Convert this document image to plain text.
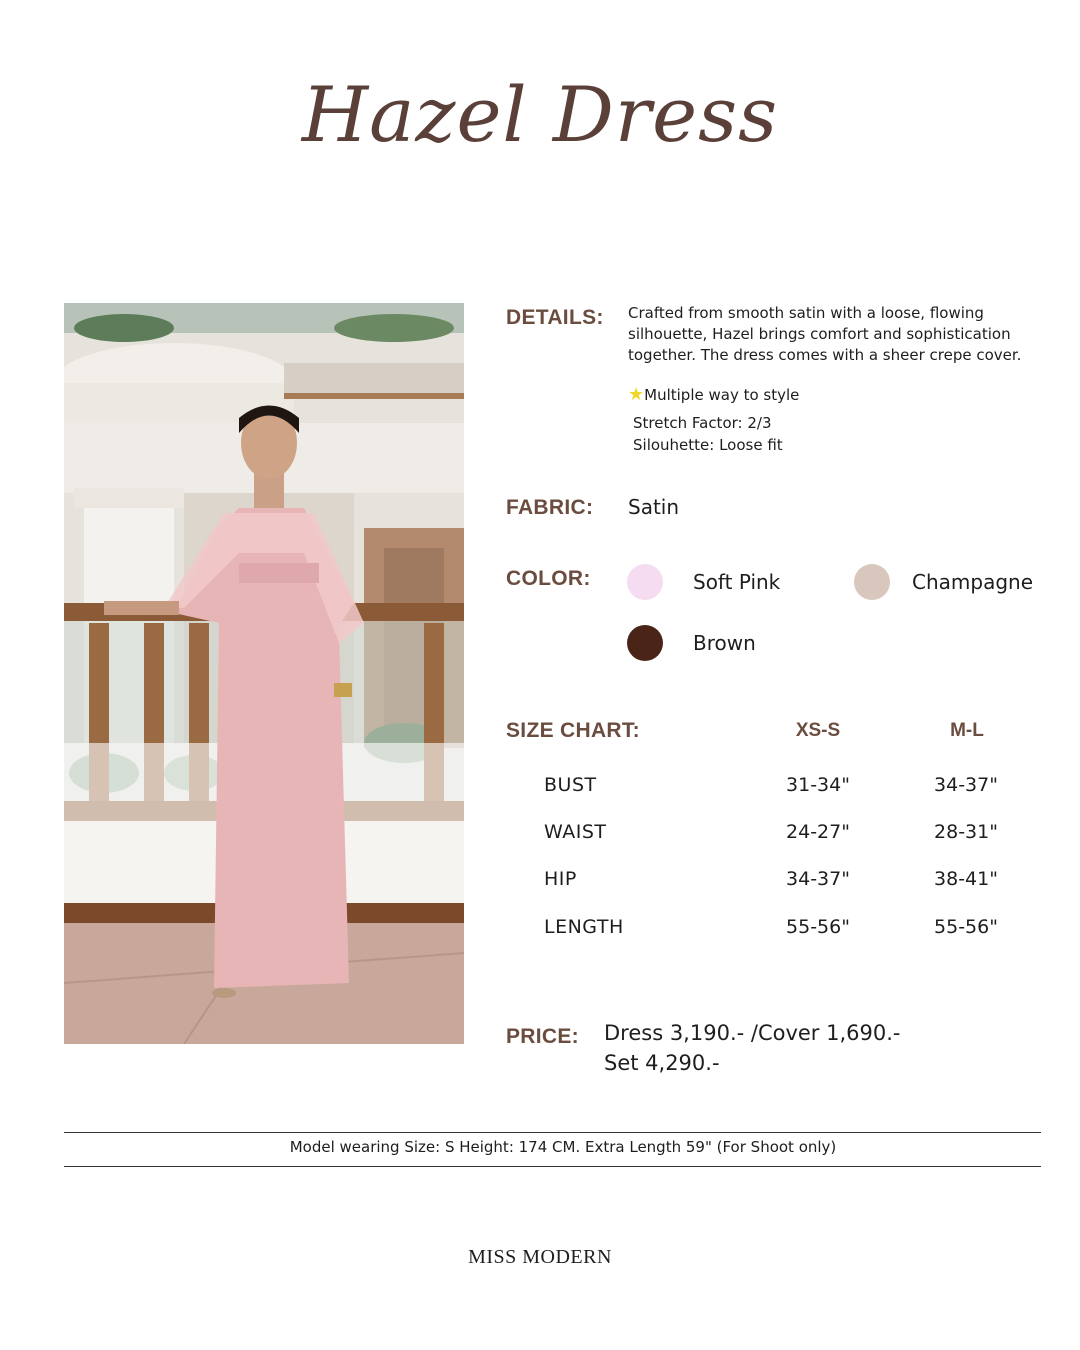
Hazel Dress
DETAILS: Crafted from smooth satin with a loose, flowing silhouette, Hazel brings comfort and sophistication together. The dress comes with a sheer crepe cover.
★Multiple way to style
Stretch Factor: 2/3
Silouhette: Loose fit
FABRIC: Satin
COLOR:	Soft Pink	Champagne
Brown
SIZE CHART:	XS-S	M-L
BUST	31-34"	34-37"
WAIST	24-27"	28-31"
HIP	34-37"	38-41"
LENGTH	55-56"	55-56"
PRICE: Dress 3,190.- /Cover 1,690.-
Set 4,290.-
Model wearing Size: S Height: 174 CM. Extra Length 59" (For Shoot only)
MISS MODERN
